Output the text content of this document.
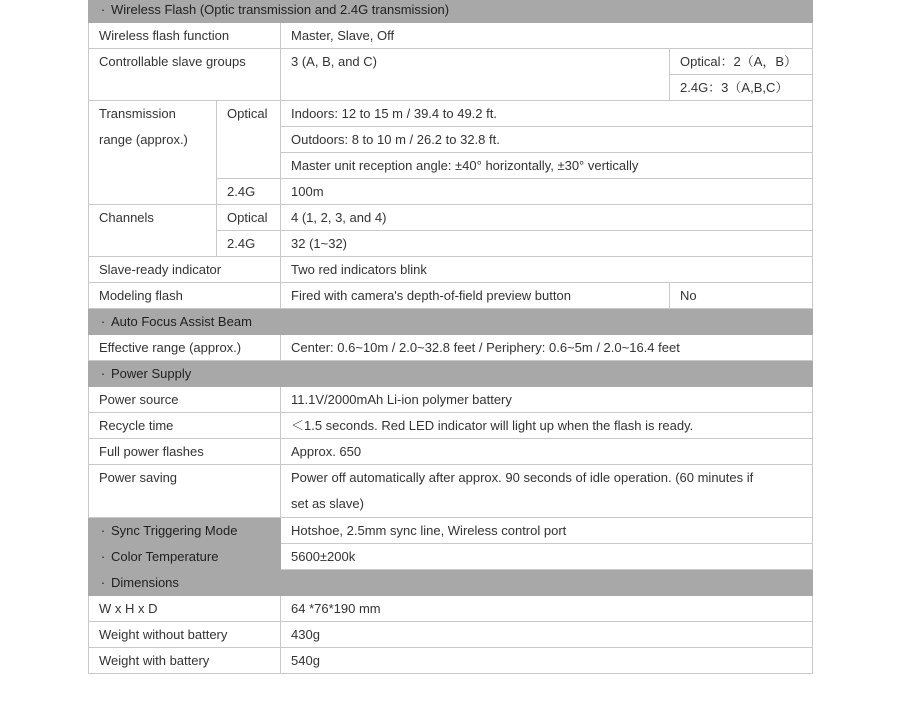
· Wireless Flash (Optic transmission and 2.4G transmission)			
Wireless flash function		Master, Slave, Off	
Controllable slave groups		3 (A, B, and C)	Optical：2（A，B）
			2.4G：3（A,B,C）

Transmission
range (approx.)	Optical	Indoors: 12 to 15 m / 39.4 to 49.2 ft.	
		Outdoors: 8 to 10 m / 26.2 to 32.8 ft.	
		Master unit reception angle: ±40° horizontally, ±30° vertically	
	2.4G	100m	
Channels	Optical	4 (1, 2, 3, and 4)	
	2.4G	32 (1~32)	
Slave-ready indicator		Two red indicators blink	
Modeling flash		Fired with camera's depth-of-field preview button	No
· Auto Focus Assist Beam			
Effective range (approx.)		Center: 0.6~10m / 2.0~32.8 feet / Periphery: 0.6~5m / 2.0~16.4 feet	
· Power Supply			
Power source		11.1V/2000mAh Li-ion polymer battery	
Recycle time		＜1.5 seconds. Red LED indicator will light up when the flash is ready.	
Full power flashes		Approx. 650	
Power saving		Power off automatically after approx. 90 seconds of idle operation. (60 minutes if
set as slave)	

· Sync Triggering Mode		Hotshoe, 2.5mm sync line, Wireless control port	
· Color Temperature		5600±200k	
· Dimensions			
W x H x D		64 *76*190 mm	
Weight without battery		430g	
Weight with battery		540g	
